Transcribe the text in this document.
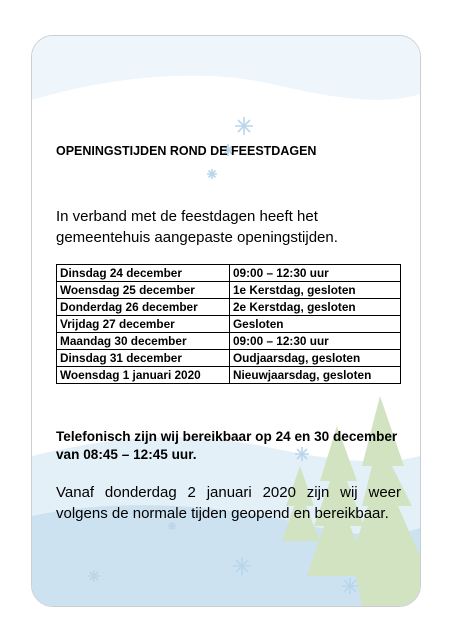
OPENINGSTIJDEN ROND DE FEESTDAGEN
In verband met de feestdagen heeft het gemeentehuis aangepaste openingstijden.
Dinsdag 24 december	09:00 – 12:30 uur
Woensdag 25 december	1e Kerstdag, gesloten
Donderdag 26 december	2e Kerstdag, gesloten
Vrijdag 27 december	Gesloten
Maandag 30 december	09:00 – 12:30 uur
Dinsdag 31 december	Oudjaarsdag, gesloten
Woensdag 1 januari 2020	Nieuwjaarsdag, gesloten
Telefonisch zijn wij bereikbaar op 24 en 30 december van 08:45 – 12:45 uur.
Vanaf donderdag 2 januari 2020 zijn wij weer volgens de normale tijden geopend en bereikbaar.
